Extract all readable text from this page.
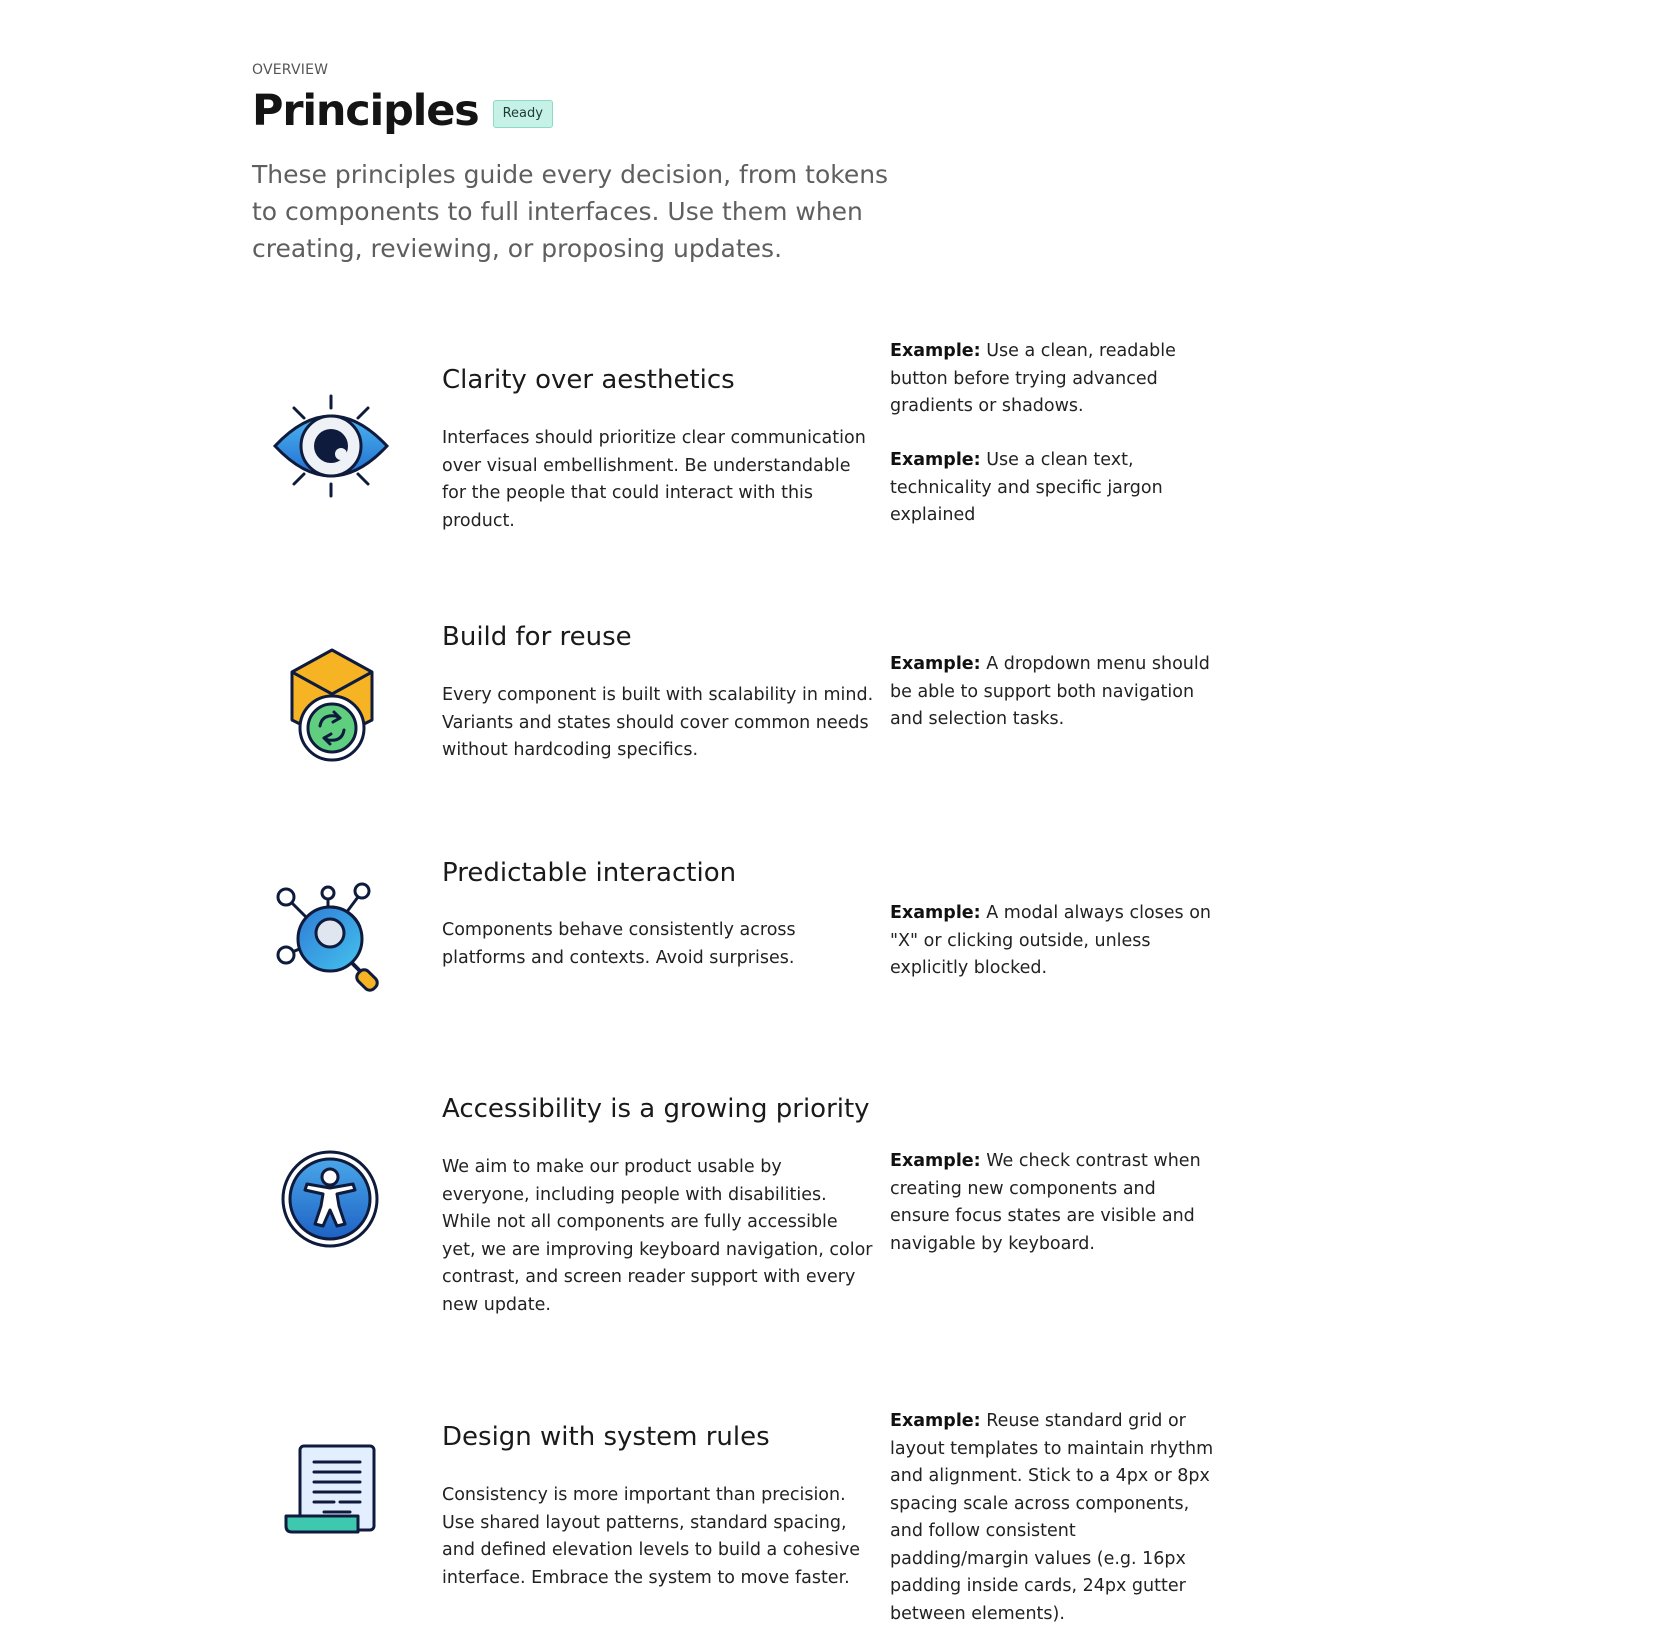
OVERVIEW
Principles	Ready
These principles guide every decision, from tokens to components to full interfaces. Use them when creating, reviewing, or proposing updates.
Clarity over aesthetics
Interfaces should prioritize clear communication over visual embellishment. Be understandable for the people that could interact with this product.
Example: Use a clean, readable button before trying advanced gradients or shadows.
Example: Use a clean text, technicality and specific jargon explained
Build for reuse
Every component is built with scalability in mind. Variants and states should cover common needs without hardcoding specifics.
Example: A dropdown menu should be able to support both navigation and selection tasks.
Predictable interaction
Components behave consistently across platforms and contexts. Avoid surprises.
Example: A modal always closes on "X" or clicking outside, unless explicitly blocked.
Accessibility is a growing priority
We aim to make our product usable by everyone, including people with disabilities. While not all components are fully accessible yet, we are improving keyboard navigation, color contrast, and screen reader support with every new update.
Example: We check contrast when creating new components and ensure focus states are visible and navigable by keyboard.
Design with system rules
Consistency is more important than precision. Use shared layout patterns, standard spacing, and defined elevation levels to build a cohesive interface. Embrace the system to move faster.
Example: Reuse standard grid or layout templates to maintain rhythm and alignment. Stick to a 4px or 8px spacing scale across components, and follow consistent padding/margin values (e.g. 16px padding inside cards, 24px gutter between elements).
